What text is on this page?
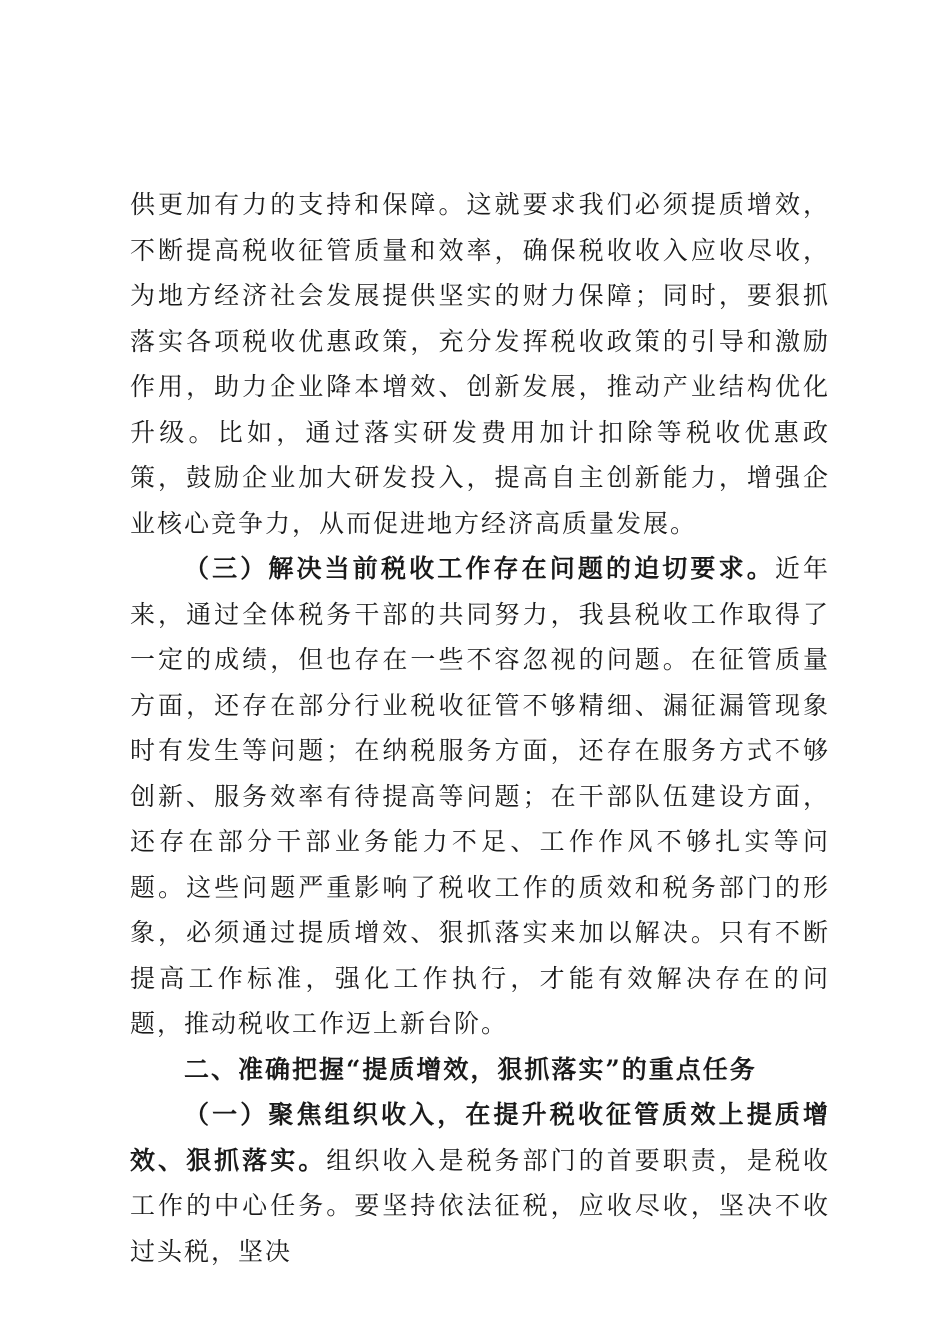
供更加有力的支持和保障。这就要求我们必须提质增效，不断提高税收征管质量和效率，确保税收收入应收尽收，为地方经济社会发展提供坚实的财力保障；同时，要狠抓落实各项税收优惠政策，充分发挥税收政策的引导和激励作用，助力企业降本增效、创新发展，推动产业结构优化升级。比如，通过落实研发费用加计扣除等税收优惠政策，鼓励企业加大研发投入，提高自主创新能力，增强企业核心竞争力，从而促进地方经济高质量发展。

（三）解决当前税收工作存在问题的迫切要求。近年来，通过全体税务干部的共同努力，我县税收工作取得了一定的成绩，但也存在一些不容忽视的问题。在征管质量方面，还存在部分行业税收征管不够精细、漏征漏管现象时有发生等问题；在纳税服务方面，还存在服务方式不够创新、服务效率有待提高等问题；在干部队伍建设方面，还存在部分干部业务能力不足、工作作风不够扎实等问题。这些问题严重影响了税收工作的质效和税务部门的形象，必须通过提质增效、狠抓落实来加以解决。只有不断提高工作标准，强化工作执行，才能有效解决存在的问题，推动税收工作迈上新台阶。

二、准确把握“提质增效，狠抓落实”的重点任务

（一）聚焦组织收入，在提升税收征管质效上提质增效、狠抓落实。组织收入是税务部门的首要职责，是税收工作的中心任务。要坚持依法征税，应收尽收，坚决不收过头税，坚决
